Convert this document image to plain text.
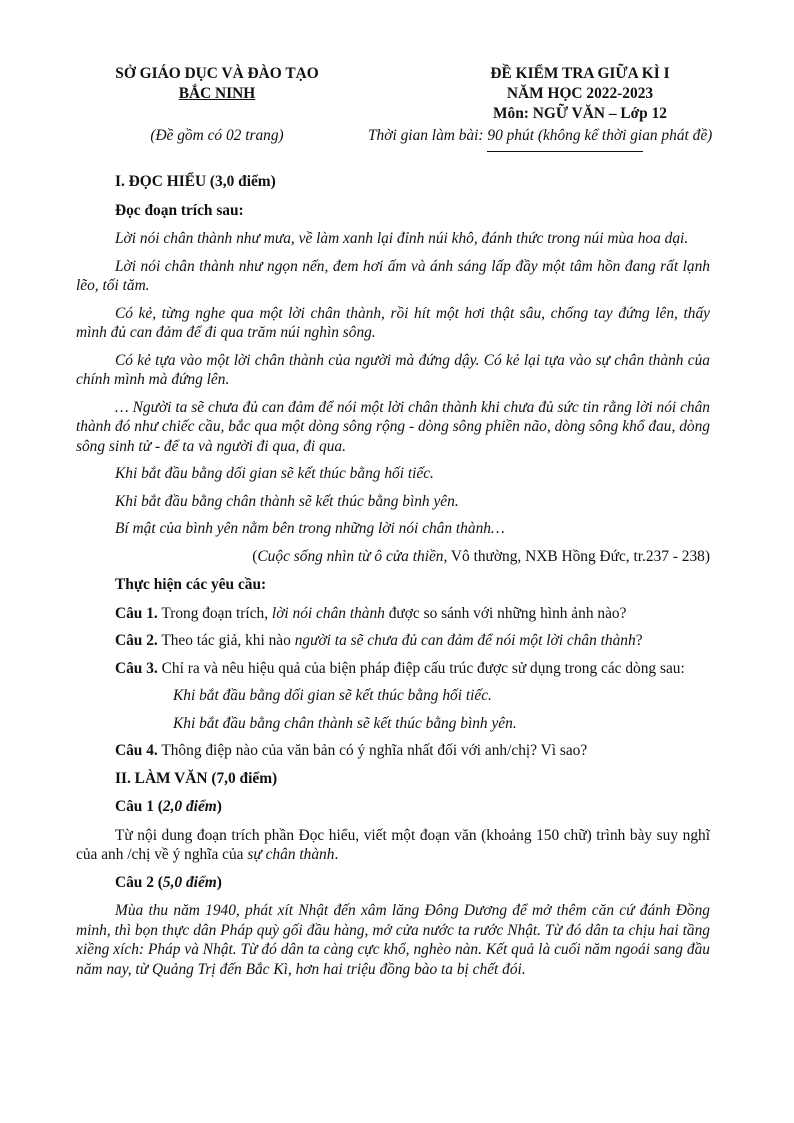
SỞ GIÁO DỤC VÀ ĐÀO TẠO
BẮC NINH
ĐỀ KIỂM TRA GIỮA KÌ I
NĂM HỌC 2022-2023
Môn: NGỮ VĂN – Lớp 12
(Đề gồm có 02 trang)	Thời gian làm bài: 90 phút (không kể thời gian phát đề)

I. ĐỌC HIỂU (3,0 điểm)

Đọc đoạn trích sau:

Lời nói chân thành như mưa, về làm xanh lại đỉnh núi khô, đánh thức trong núi mùa hoa dại.

Lời nói chân thành như ngọn nến, đem hơi ấm và ánh sáng lấp đầy một tâm hồn đang rất lạnh lẽo, tối tăm.

Có kẻ, từng nghe qua một lời chân thành, rồi hít một hơi thật sâu, chống tay đứng lên, thấy mình đủ can đảm để đi qua trăm núi nghìn sông.

Có kẻ tựa vào một lời chân thành của người mà đứng dậy. Có kẻ lại tựa vào sự chân thành của chính mình mà đứng lên.

… Người ta sẽ chưa đủ can đảm để nói một lời chân thành khi chưa đủ sức tin rằng lời nói chân thành đó như chiếc cầu, bắc qua một dòng sông rộng - dòng sông phiền não, dòng sông khổ đau, dòng sông sinh tử - để ta và người đi qua, đi qua.

Khi bắt đầu bằng dối gian sẽ kết thúc bằng hối tiếc.

Khi bắt đầu bằng chân thành sẽ kết thúc bằng bình yên.

Bí mật của bình yên nằm bên trong những lời nói chân thành…

(Cuộc sống nhìn từ ô cửa thiền, Vô thường, NXB Hồng Đức, tr.237 - 238)

Thực hiện các yêu cầu:

Câu 1. Trong đoạn trích, lời nói chân thành được so sánh với những hình ảnh nào?

Câu 2. Theo tác giả, khi nào người ta sẽ chưa đủ can đảm để nói một lời chân thành?

Câu 3. Chỉ ra và nêu hiệu quả của biện pháp điệp cấu trúc được sử dụng trong các dòng sau:

Khi bắt đầu bằng dối gian sẽ kết thúc bằng hối tiếc.

Khi bắt đầu bằng chân thành sẽ kết thúc bằng bình yên.

Câu 4. Thông điệp nào của văn bản có ý nghĩa nhất đối với anh/chị? Vì sao?

II. LÀM VĂN (7,0 điểm)

Câu 1 (2,0 điểm)

Từ nội dung đoạn trích phần Đọc hiểu, viết một đoạn văn (khoảng 150 chữ) trình bày suy nghĩ của anh /chị về ý nghĩa của sự chân thành.

Câu 2 (5,0 điểm)

Mùa thu năm 1940, phát xít Nhật đến xâm lăng Đông Dương để mở thêm căn cứ đánh Đồng minh, thì bọn thực dân Pháp quỳ gối đầu hàng, mở cửa nước ta rước Nhật. Từ đó dân ta chịu hai tầng xiềng xích: Pháp và Nhật. Từ đó dân ta càng cực khổ, nghèo nàn. Kết quả là cuối năm ngoái sang đầu năm nay, từ Quảng Trị đến Bắc Kì, hơn hai triệu đồng bào ta bị chết đói.
